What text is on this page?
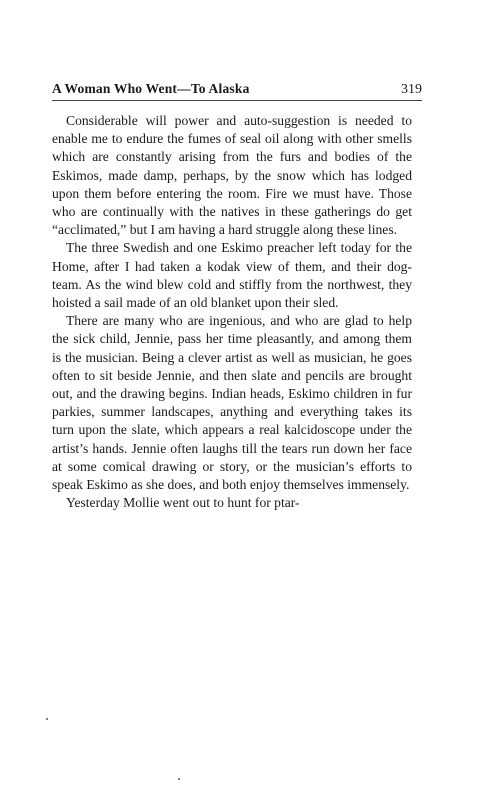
A Woman Who Went—To Alaska	319

Considerable will power and auto-suggestion is needed to enable me to endure the fumes of seal oil along with other smells which are constantly arising from the furs and bodies of the Eskimos, made damp, perhaps, by the snow which has lodged upon them before entering the room. Fire we must have. Those who are continually with the natives in these gatherings do get “acclimated,” but I am having a hard struggle along these lines.

The three Swedish and one Eskimo preacher left today for the Home, after I had taken a kodak view of them, and their dog-team. As the wind blew cold and stiffly from the northwest, they hoisted a sail made of an old blanket upon their sled.

There are many who are ingenious, and who are glad to help the sick child, Jennie, pass her time pleasantly, and among them is the musician. Being a clever artist as well as musician, he goes often to sit beside Jennie, and then slate and pencils are brought out, and the drawing begins. Indian heads, Eskimo children in fur parkies, summer landscapes, anything and everything takes its turn upon the slate, which appears a real kalcidoscope under the artist’s hands. Jennie often laughs till the tears run down her face at some comical drawing or story, or the musician’s efforts to speak Eskimo as she does, and both enjoy themselves immensely.

Yesterday Mollie went out to hunt for ptar-
